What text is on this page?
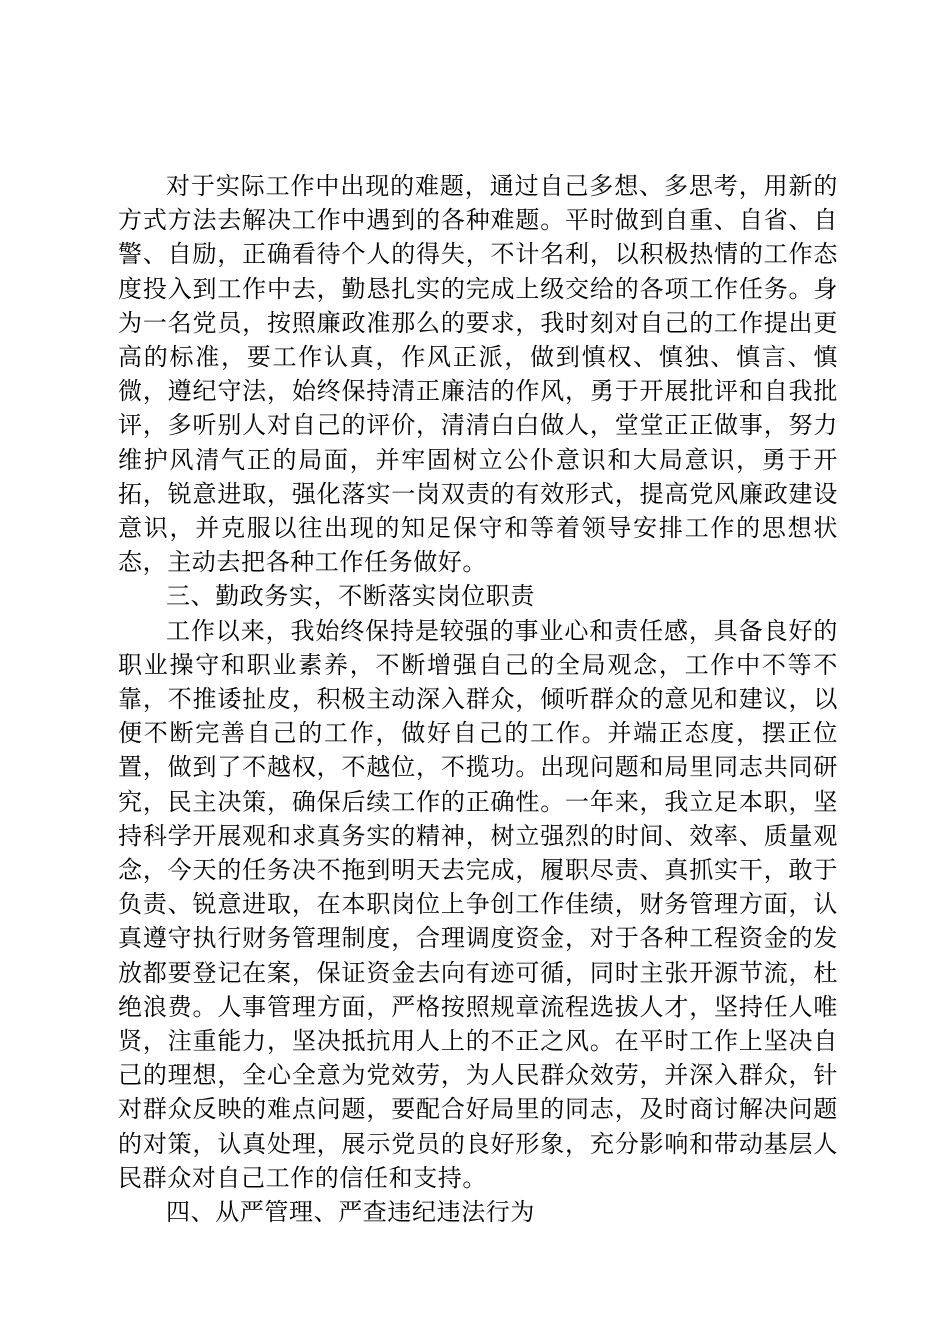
对于实际工作中出现的难题，通过自己多想、多思考，用新的方式方法去解决工作中遇到的各种难题。平时做到自重、自省、自警、自励，正确看待个人的得失，不计名利，以积极热情的工作态度投入到工作中去，勤恳扎实的完成上级交给的各项工作任务。身为一名党员，按照廉政准那么的要求，我时刻对自己的工作提出更高的标准，要工作认真，作风正派，做到慎权、慎独、慎言、慎微，遵纪守法，始终保持清正廉洁的作风，勇于开展批评和自我批评，多听别人对自己的评价，清清白白做人，堂堂正正做事，努力维护风清气正的局面，并牢固树立公仆意识和大局意识，勇于开拓，锐意进取，强化落实一岗双责的有效形式，提高党风廉政建设意识，并克服以往出现的知足保守和等着领导安排工作的思想状态，主动去把各种工作任务做好。

三、勤政务实，不断落实岗位职责

工作以来，我始终保持是较强的事业心和责任感，具备良好的职业操守和职业素养，不断增强自己的全局观念，工作中不等不靠，不推诿扯皮，积极主动深入群众，倾听群众的意见和建议，以便不断完善自己的工作，做好自己的工作。并端正态度，摆正位置，做到了不越权，不越位，不揽功。出现问题和局里同志共同研究，民主决策，确保后续工作的正确性。一年来，我立足本职，坚持科学开展观和求真务实的精神，树立强烈的时间、效率、质量观念，今天的任务决不拖到明天去完成，履职尽责、真抓实干，敢于负责、锐意进取，在本职岗位上争创工作佳绩，财务管理方面，认真遵守执行财务管理制度，合理调度资金，对于各种工程资金的发放都要登记在案，保证资金去向有迹可循，同时主张开源节流，杜绝浪费。人事管理方面，严格按照规章流程选拔人才，坚持任人唯贤，注重能力，坚决抵抗用人上的不正之风。在平时工作上坚决自己的理想，全心全意为党效劳，为人民群众效劳，并深入群众，针对群众反映的难点问题，要配合好局里的同志，及时商讨解决问题的对策，认真处理，展示党员的良好形象，充分影响和带动基层人民群众对自己工作的信任和支持。

四、从严管理、严查违纪违法行为
